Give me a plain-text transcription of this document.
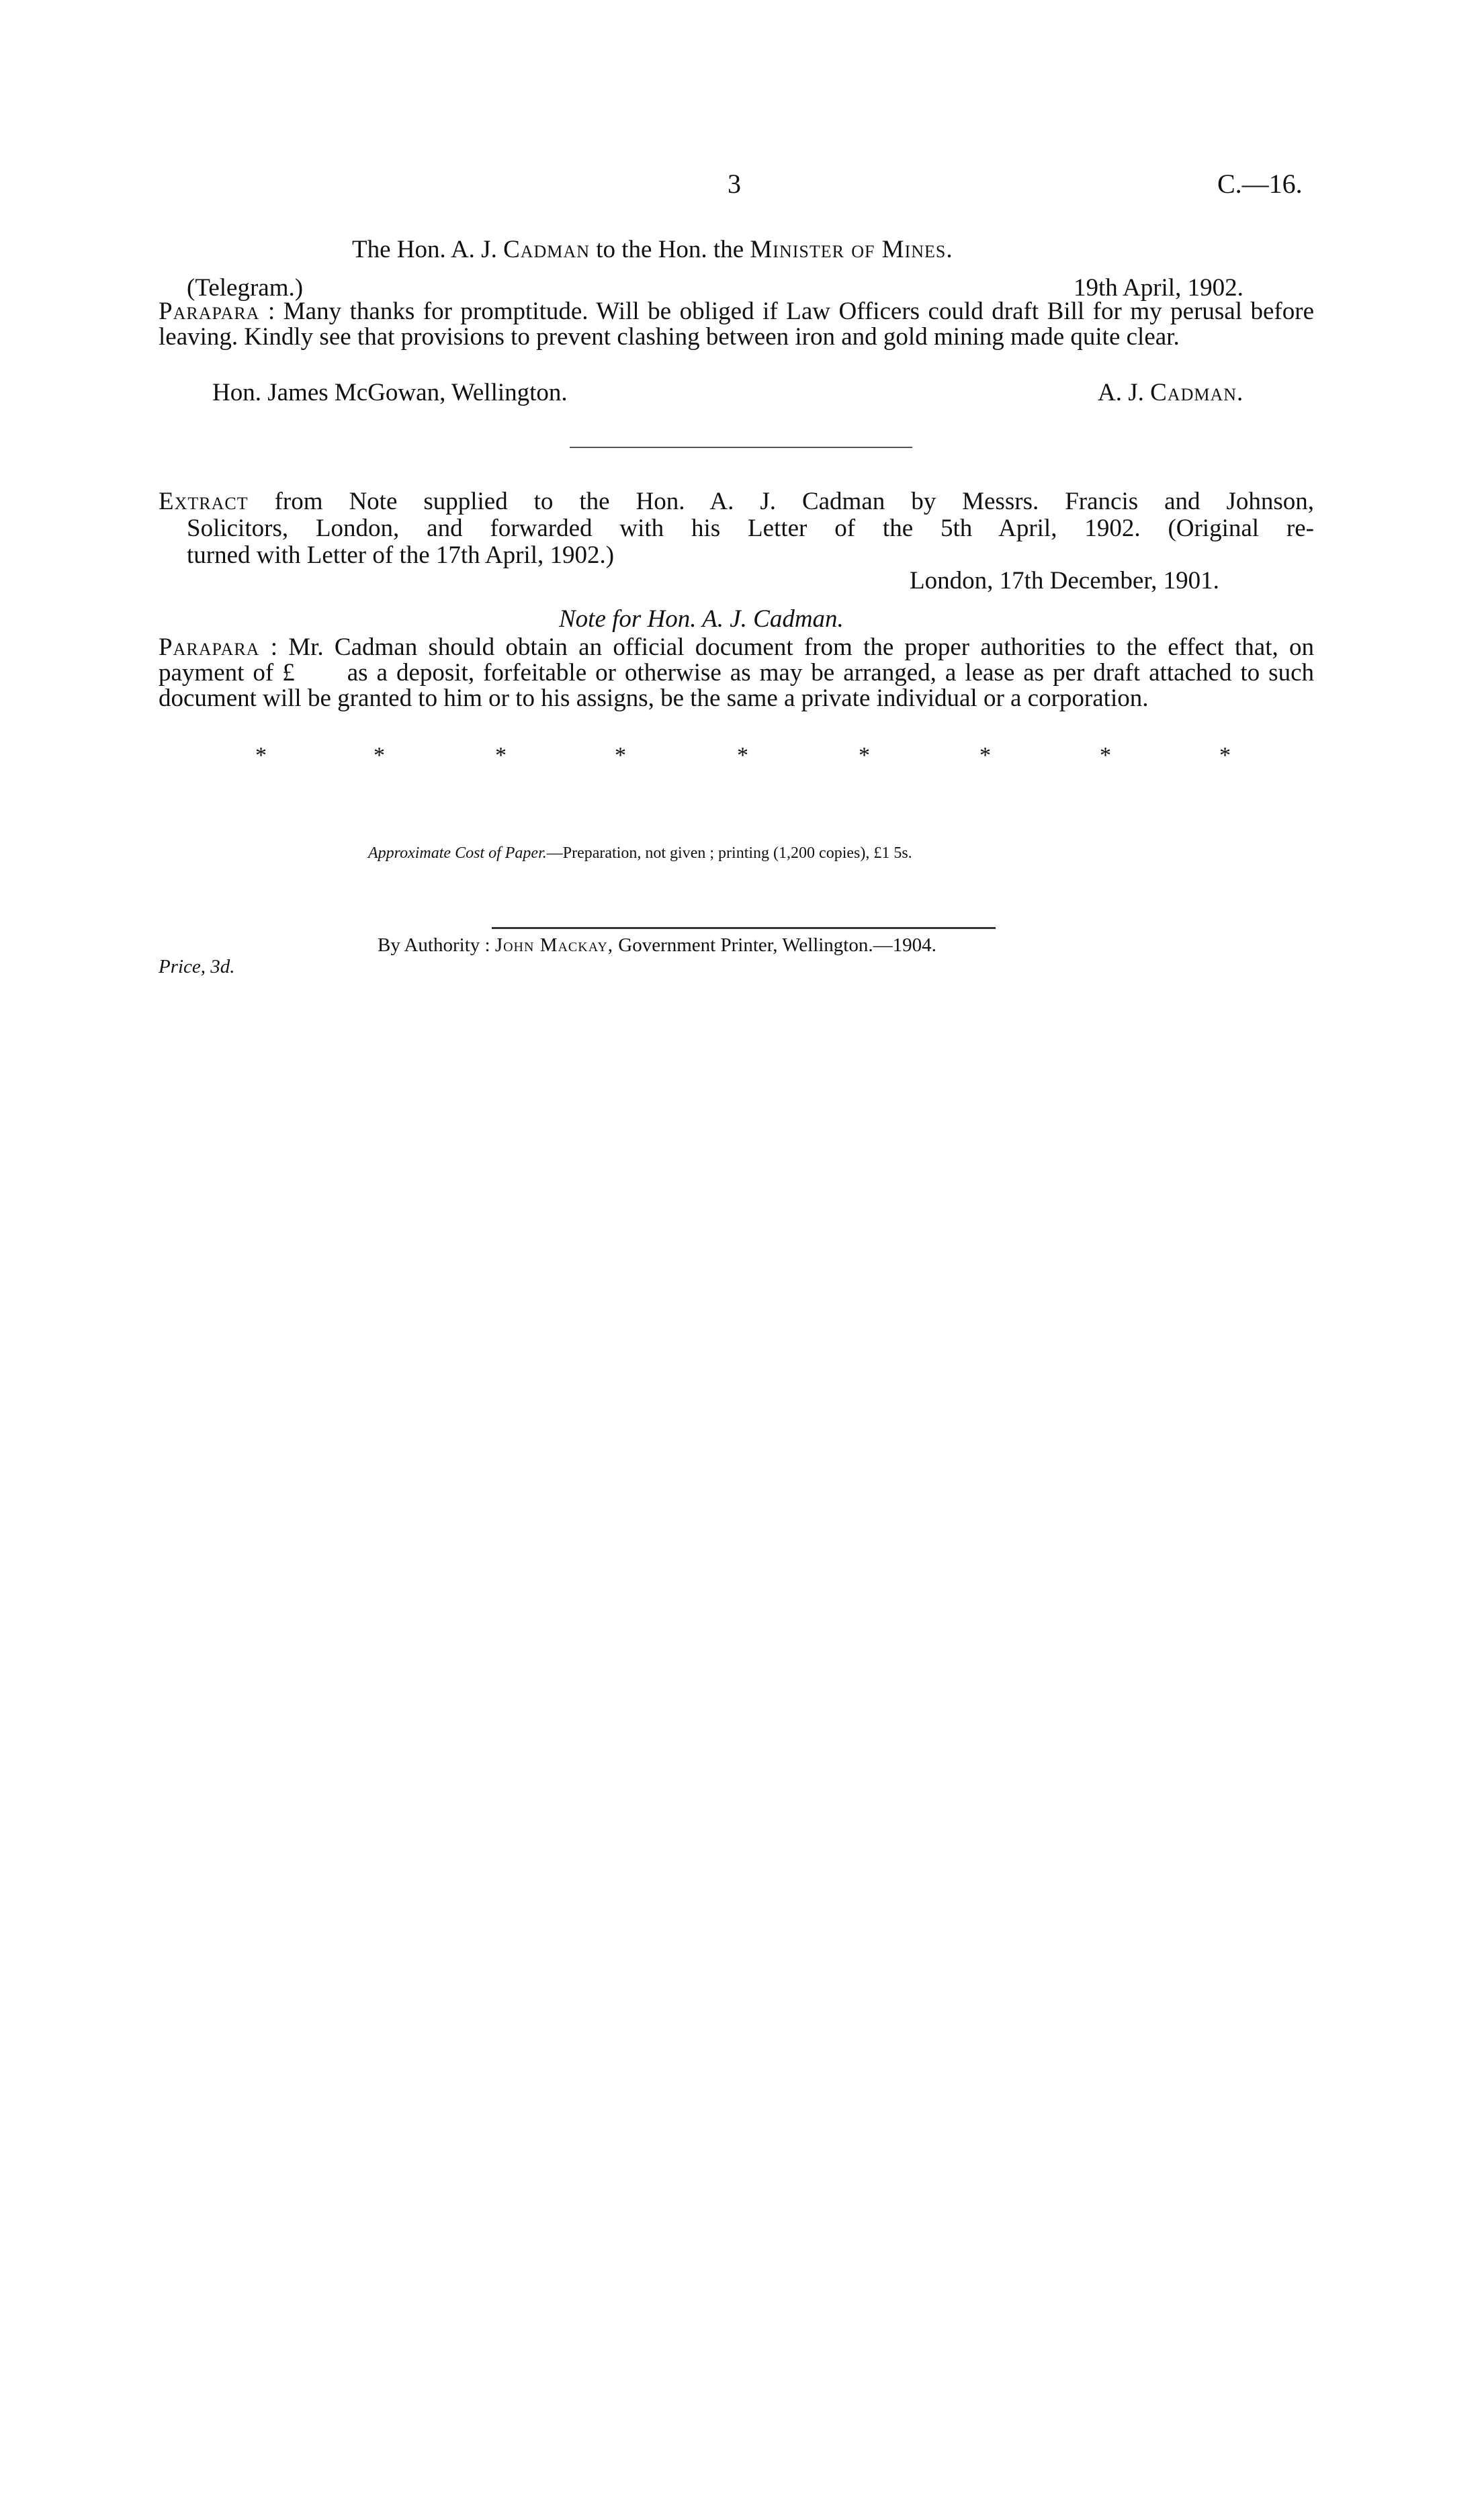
3	C.—16.
The Hon. A. J. Cadman to the Hon. the Minister of Mines.
(Telegram.)	19th April, 1902.

Parapara : Many thanks for promptitude. Will be obliged if Law Officers could draft Bill for my perusal before leaving. Kindly see that provisions to prevent clashing between iron and gold mining made quite clear.

Hon. James McGowan, Wellington.	A. J. Cadman.
Extract from Note supplied to the Hon. A. J. Cadman by Messrs. Francis and Johnson,
Solicitors, London, and forwarded with his Letter of the 5th April, 1902. (Original re-
turned with Letter of the 17th April, 1902.)
London, 17th December, 1901.
Note for Hon. A. J. Cadman.

Parapara : Mr. Cadman should obtain an official document from the proper authorities to the effect that, on payment of £      as a deposit, forfeitable or otherwise as may be arranged, a lease as per draft attached to such document will be granted to him or to his assigns, be the same a private individual or a corporation.

*	*	*	*	*	*	*	*	*
Approximate Cost of Paper.—Preparation, not given ; printing (1,200 copies), £1 5s.
By Authority : John Mackay, Government Printer, Wellington.—1904.
Price, 3d.
